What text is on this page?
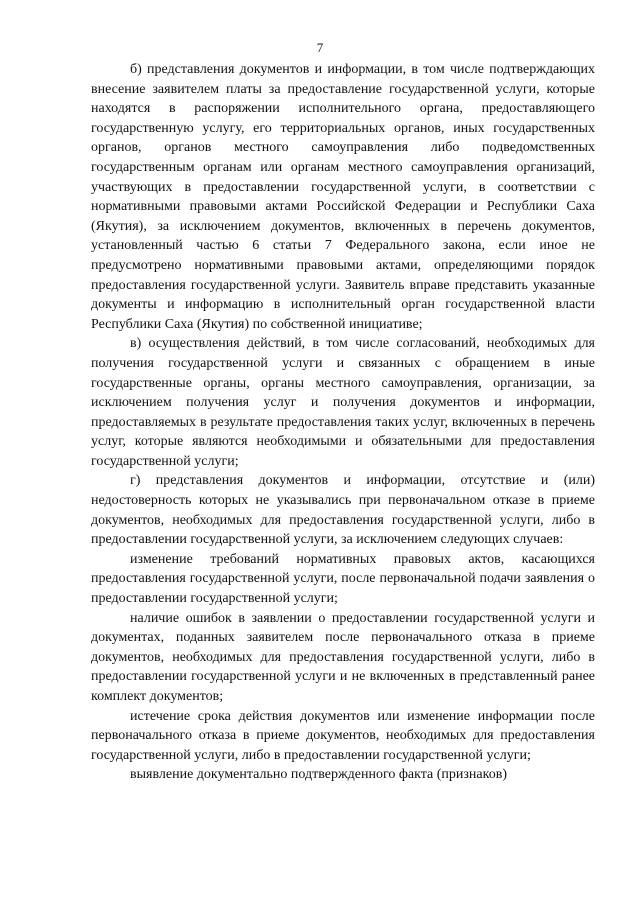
7

б) представления документов и информации, в том числе подтверждающих внесение заявителем платы за предоставление государственной услуги, которые находятся в распоряжении исполнительного органа, предоставляющего государственную услугу, его территориальных органов, иных государственных органов, органов местного самоуправления либо подведомственных государственным органам или органам местного самоуправления организаций, участвующих в предоставлении государственной услуги, в соответствии с нормативными правовыми актами Российской Федерации и Республики Саха (Якутия), за исключением документов, включенных в перечень документов, установленный частью 6 статьи 7 Федерального закона, если иное не предусмотрено нормативными правовыми актами, определяющими порядок предоставления государственной услуги. Заявитель вправе представить указанные документы и информацию в исполнительный орган государственной власти Республики Саха (Якутия) по собственной инициативе;

в) осуществления действий, в том числе согласований, необходимых для получения государственной услуги и связанных с обращением в иные государственные органы, органы местного самоуправления, организации, за исключением получения услуг и получения документов и информации, предоставляемых в результате предоставления таких услуг, включенных в перечень услуг, которые являются необходимыми и обязательными для предоставления государственной услуги;

г) представления документов и информации, отсутствие и (или) недостоверность которых не указывались при первоначальном отказе в приеме документов, необходимых для предоставления государственной услуги, либо в предоставлении государственной услуги, за исключением следующих случаев:

изменение требований нормативных правовых актов, касающихся предоставления государственной услуги, после первоначальной подачи заявления о предоставлении государственной услуги;

наличие ошибок в заявлении о предоставлении государственной услуги и документах, поданных заявителем после первоначального отказа в приеме документов, необходимых для предоставления государственной услуги, либо в предоставлении государственной услуги и не включенных в представленный ранее комплект документов;

истечение срока действия документов или изменение информации после первоначального отказа в приеме документов, необходимых для предоставления государственной услуги, либо в предоставлении государственной услуги;

выявление документально подтвержденного факта (признаков)
